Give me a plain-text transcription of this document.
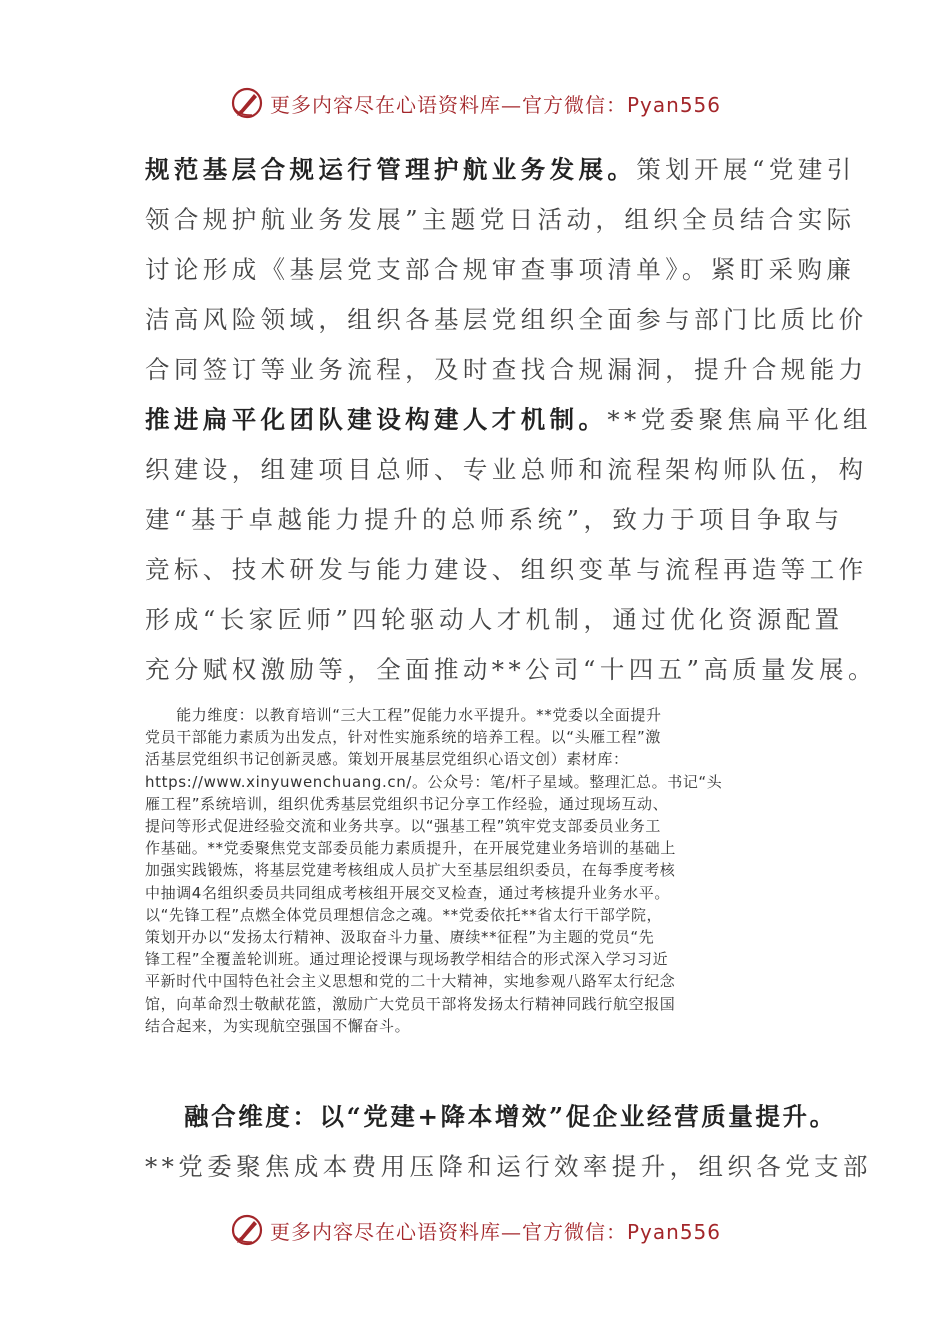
更多内容尽在心语资料库—官方微信：Pyan556
规范基层合规运行管理护航业务发展。策划开展“党建引
领合规护航业务发展”主题党日活动，组织全员结合实际
讨论形成《基层党支部合规审查事项清单》。紧盯采购廉
洁高风险领域，组织各基层党组织全面参与部门比质比价
合同签订等业务流程，及时查找合规漏洞，提升合规能力
推进扁平化团队建设构建人才机制。**党委聚焦扁平化组
织建设，组建项目总师、专业总师和流程架构师队伍，构
建“基于卓越能力提升的总师系统”，致力于项目争取与
竞标、技术研发与能力建设、组织变革与流程再造等工作
形成“长家匠师”四轮驱动人才机制，通过优化资源配置
充分赋权激励等，全面推动**公司“十四五”高质量发展。
　　能力维度：以教育培训“三大工程”促能力水平提升。**党委以全面提升
党员干部能力素质为出发点，针对性实施系统的培养工程。以“头雁工程”激
活基层党组织书记创新灵感。策划开展基层党组织心语文创）素材库：
https://www.xinyuwenchuang.cn/。公众号：笔/杆子星域。整理汇总。书记“头
雁工程”系统培训，组织优秀基层党组织书记分享工作经验，通过现场互动、
提问等形式促进经验交流和业务共享。以“强基工程”筑牢党支部委员业务工
作基础。**党委聚焦党支部委员能力素质提升，在开展党建业务培训的基础上
加强实践锻炼，将基层党建考核组成人员扩大至基层组织委员，在每季度考核
中抽调4名组织委员共同组成考核组开展交叉检查，通过考核提升业务水平。
以“先锋工程”点燃全体党员理想信念之魂。**党委依托**省太行干部学院，
策划开办以“发扬太行精神、汲取奋斗力量、赓续**征程”为主题的党员“先
锋工程”全覆盖轮训班。通过理论授课与现场教学相结合的形式深入学习习近
平新时代中国特色社会主义思想和党的二十大精神，实地参观八路军太行纪念
馆，向革命烈士敬献花篮，激励广大党员干部将发扬太行精神同践行航空报国
结合起来，为实现航空强国不懈奋斗。
融合维度：以“党建+降本增效”促企业经营质量提升。
**党委聚焦成本费用压降和运行效率提升，组织各党支部
更多内容尽在心语资料库—官方微信：Pyan556
